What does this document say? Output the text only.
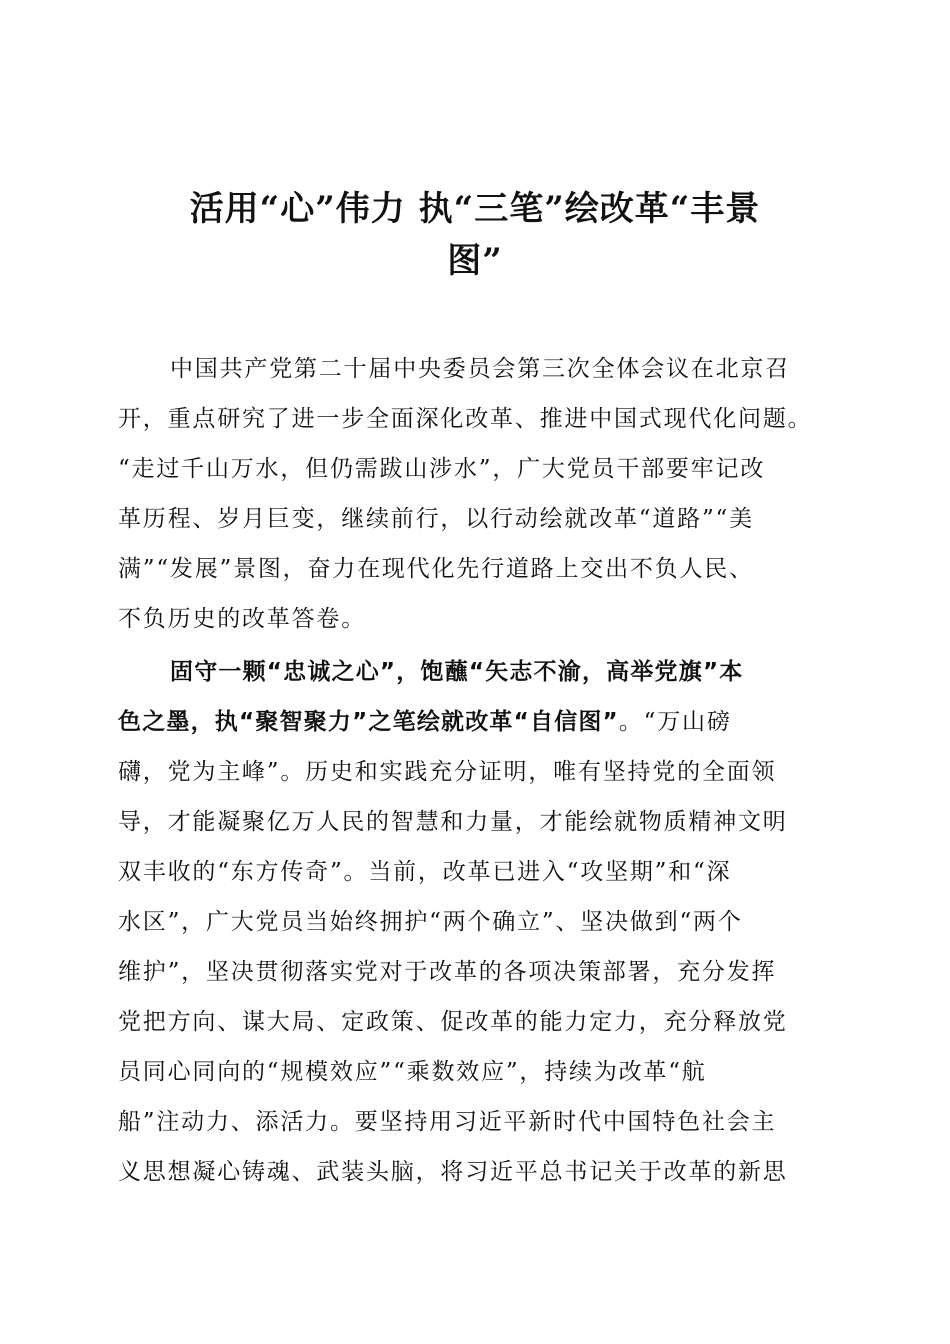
活用“心”伟力 执“三笔”绘改革“丰景
图”
中国共产党第二十届中央委员会第三次全体会议在北京召
开，重点研究了进一步全面深化改革、推进中国式现代化问题。
“走过千山万水，但仍需跋山涉水”，广大党员干部要牢记改
革历程、岁月巨变，继续前行，以行动绘就改革“道路”“美
满”“发展”景图，奋力在现代化先行道路上交出不负人民、
不负历史的改革答卷。
固守一颗“忠诚之心”，饱蘸“矢志不渝，高举党旗”本
色之墨，执“聚智聚力”之笔绘就改革“自信图”。“万山磅
礴，党为主峰”。历史和实践充分证明，唯有坚持党的全面领
导，才能凝聚亿万人民的智慧和力量，才能绘就物质精神文明
双丰收的“东方传奇”。当前，改革已进入“攻坚期”和“深
水区”，广大党员当始终拥护“两个确立”、坚决做到“两个
维护”，坚决贯彻落实党对于改革的各项决策部署，充分发挥
党把方向、谋大局、定政策、促改革的能力定力，充分释放党
员同心同向的“规模效应”“乘数效应”，持续为改革“航
船”注动力、添活力。要坚持用习近平新时代中国特色社会主
义思想凝心铸魂、武装头脑，将习近平总书记关于改革的新思
